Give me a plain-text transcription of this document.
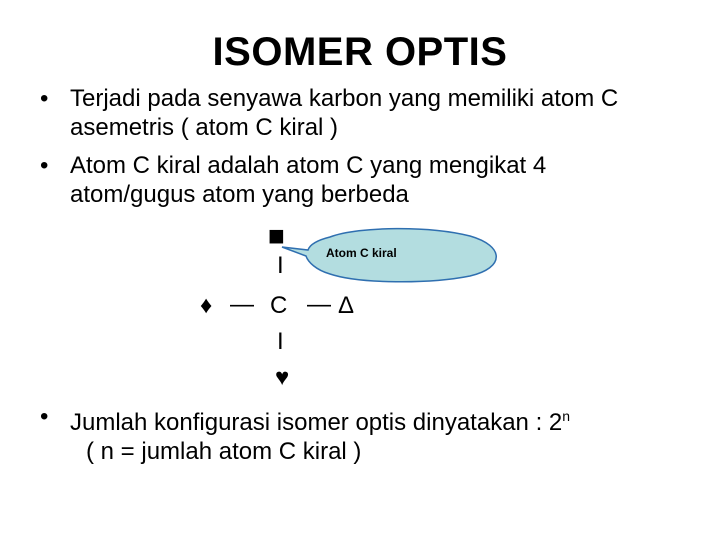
ISOMER OPTIS
• Terjadi pada senyawa karbon yang memiliki atom C
asemetris ( atom C kiral )
• Atom C kiral adalah atom C yang mengikat 4
atom/gugus atom yang berbeda
Atom C kiral
■
I
♦ — C — Δ
I
♥
• Jumlah konfigurasi isomer optis dinyatakan : 2$^n$
( n = jumlah atom C kiral )
